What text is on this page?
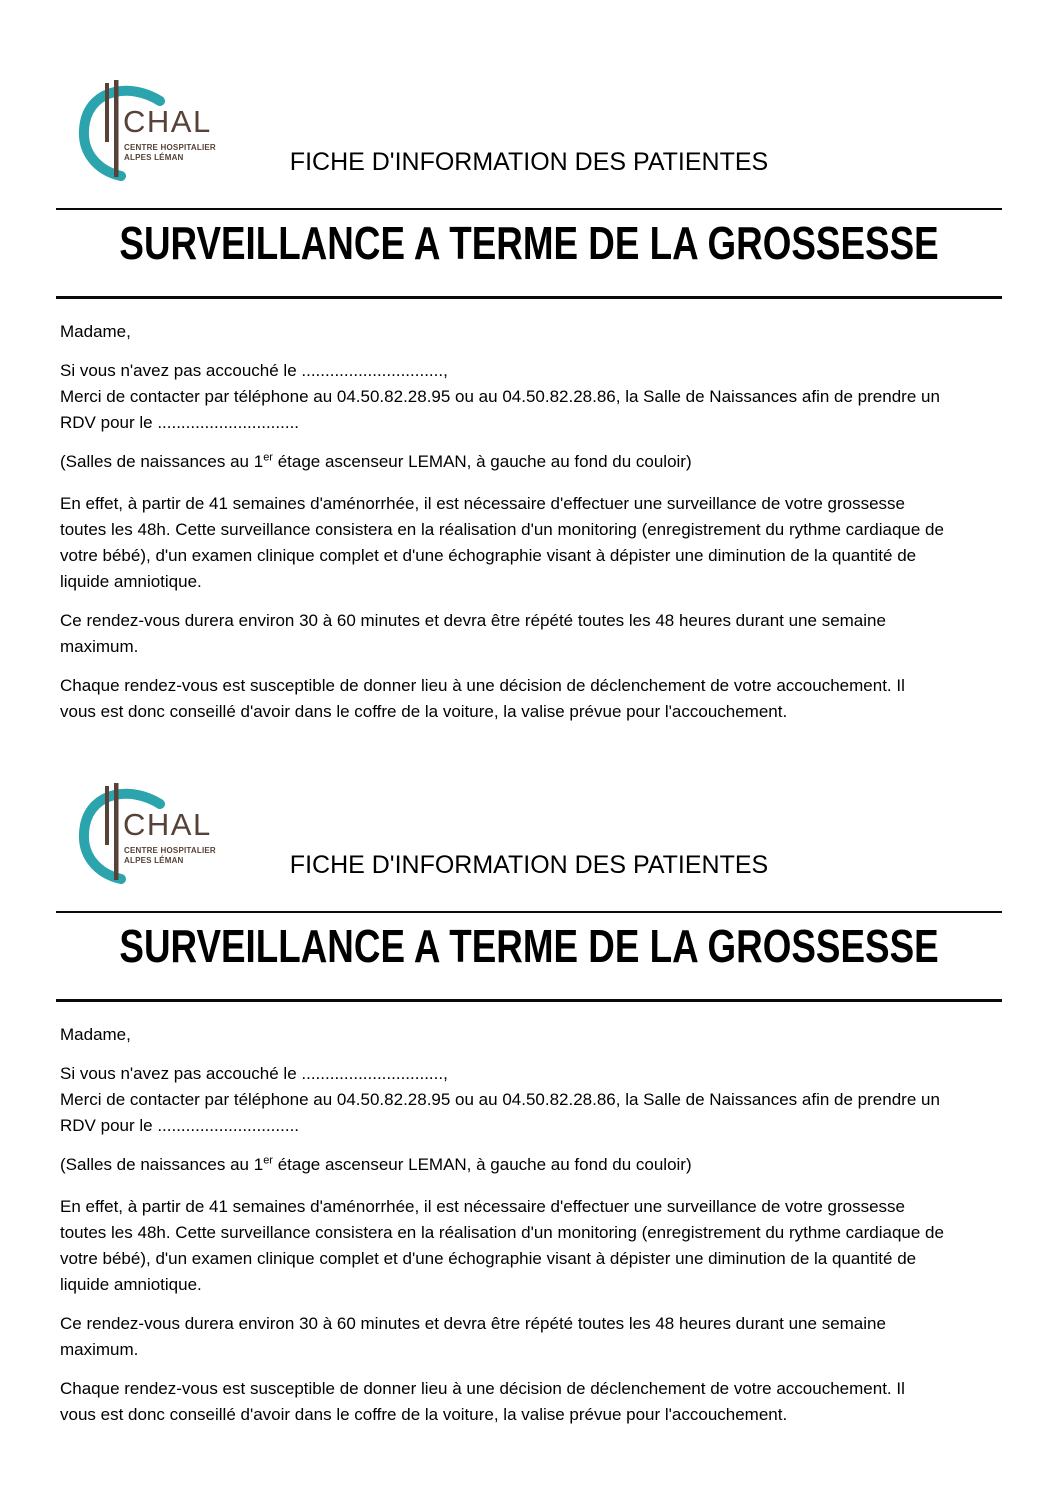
CHAL
CENTRE HOSPITALIER
ALPES LÉMAN	FICHE D'INFORMATION DES PATIENTES
SURVEILLANCE A TERME DE LA GROSSESSE
Madame,
Si vous n'avez pas accouché le ..............................,
Merci de contacter par téléphone au 04.50.82.28.95 ou au 04.50.82.28.86, la Salle de Naissances afin de prendre un
RDV pour le ..............................
(Salles de naissances au 1er étage ascenseur LEMAN, à gauche au fond du couloir)
En effet, à partir de 41 semaines d'aménorrhée, il est nécessaire d'effectuer une surveillance de votre grossesse
toutes les 48h. Cette surveillance consistera en la réalisation d'un monitoring (enregistrement du rythme cardiaque de
votre bébé), d'un examen clinique complet et d'une échographie visant à dépister une diminution de la quantité de
liquide amniotique.
Ce rendez-vous durera environ 30 à 60 minutes et devra être répété toutes les 48 heures durant une semaine
maximum.
Chaque rendez-vous est susceptible de donner lieu à une décision de déclenchement de votre accouchement. Il
vous est donc conseillé d'avoir dans le coffre de la voiture, la valise prévue pour l'accouchement.
CHAL
CENTRE HOSPITALIER
ALPES LÉMAN	FICHE D'INFORMATION DES PATIENTES
SURVEILLANCE A TERME DE LA GROSSESSE
Madame,
Si vous n'avez pas accouché le ..............................,
Merci de contacter par téléphone au 04.50.82.28.95 ou au 04.50.82.28.86, la Salle de Naissances afin de prendre un
RDV pour le ..............................
(Salles de naissances au 1er étage ascenseur LEMAN, à gauche au fond du couloir)
En effet, à partir de 41 semaines d'aménorrhée, il est nécessaire d'effectuer une surveillance de votre grossesse
toutes les 48h. Cette surveillance consistera en la réalisation d'un monitoring (enregistrement du rythme cardiaque de
votre bébé), d'un examen clinique complet et d'une échographie visant à dépister une diminution de la quantité de
liquide amniotique.
Ce rendez-vous durera environ 30 à 60 minutes et devra être répété toutes les 48 heures durant une semaine
maximum.
Chaque rendez-vous est susceptible de donner lieu à une décision de déclenchement de votre accouchement. Il
vous est donc conseillé d'avoir dans le coffre de la voiture, la valise prévue pour l'accouchement.
